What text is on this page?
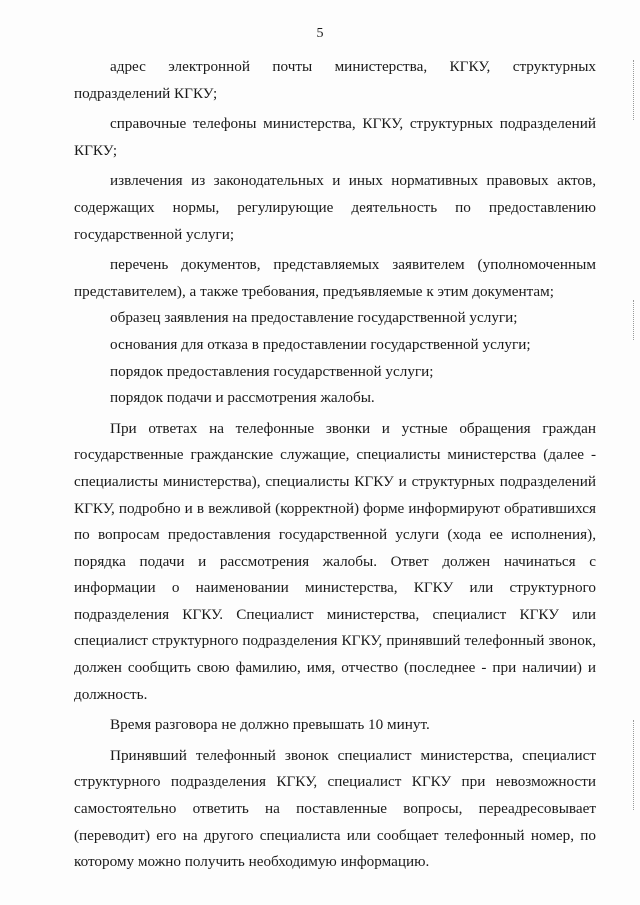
5

адрес электронной почты министерства, КГКУ, структурных подразделений КГКУ;

справочные телефоны министерства, КГКУ, структурных подразделений КГКУ;

извлечения из законодательных и иных нормативных правовых актов, содержащих нормы, регулирующие деятельность по предоставлению государственной услуги;

перечень документов, представляемых заявителем (уполномоченным представителем), а также требования, предъявляемые к этим документам;

образец заявления на предоставление государственной услуги;

основания для отказа в предоставлении государственной услуги;

порядок предоставления государственной услуги;

порядок подачи и рассмотрения жалобы.

При ответах на телефонные звонки и устные обращения граждан государственные гражданские служащие, специалисты министерства (далее - специалисты министерства), специалисты КГКУ и структурных подразделений КГКУ, подробно и в вежливой (корректной) форме информируют обратившихся по вопросам предоставления государственной услуги (хода ее исполнения), порядка подачи и рассмотрения жалобы. Ответ должен начинаться с информации о наименовании министерства, КГКУ или структурного подразделения КГКУ. Специалист министерства, специалист КГКУ или специалист структурного подразделения КГКУ, принявший телефонный звонок, должен сообщить свою фамилию, имя, отчество (последнее - при наличии) и должность.

Время разговора не должно превышать 10 минут.

Принявший телефонный звонок специалист министерства, специалист структурного подразделения КГКУ, специалист КГКУ при невозможности самостоятельно ответить на поставленные вопросы, переадресовывает (переводит) его на другого специалиста или сообщает телефонный номер, по которому можно получить необходимую информацию.
